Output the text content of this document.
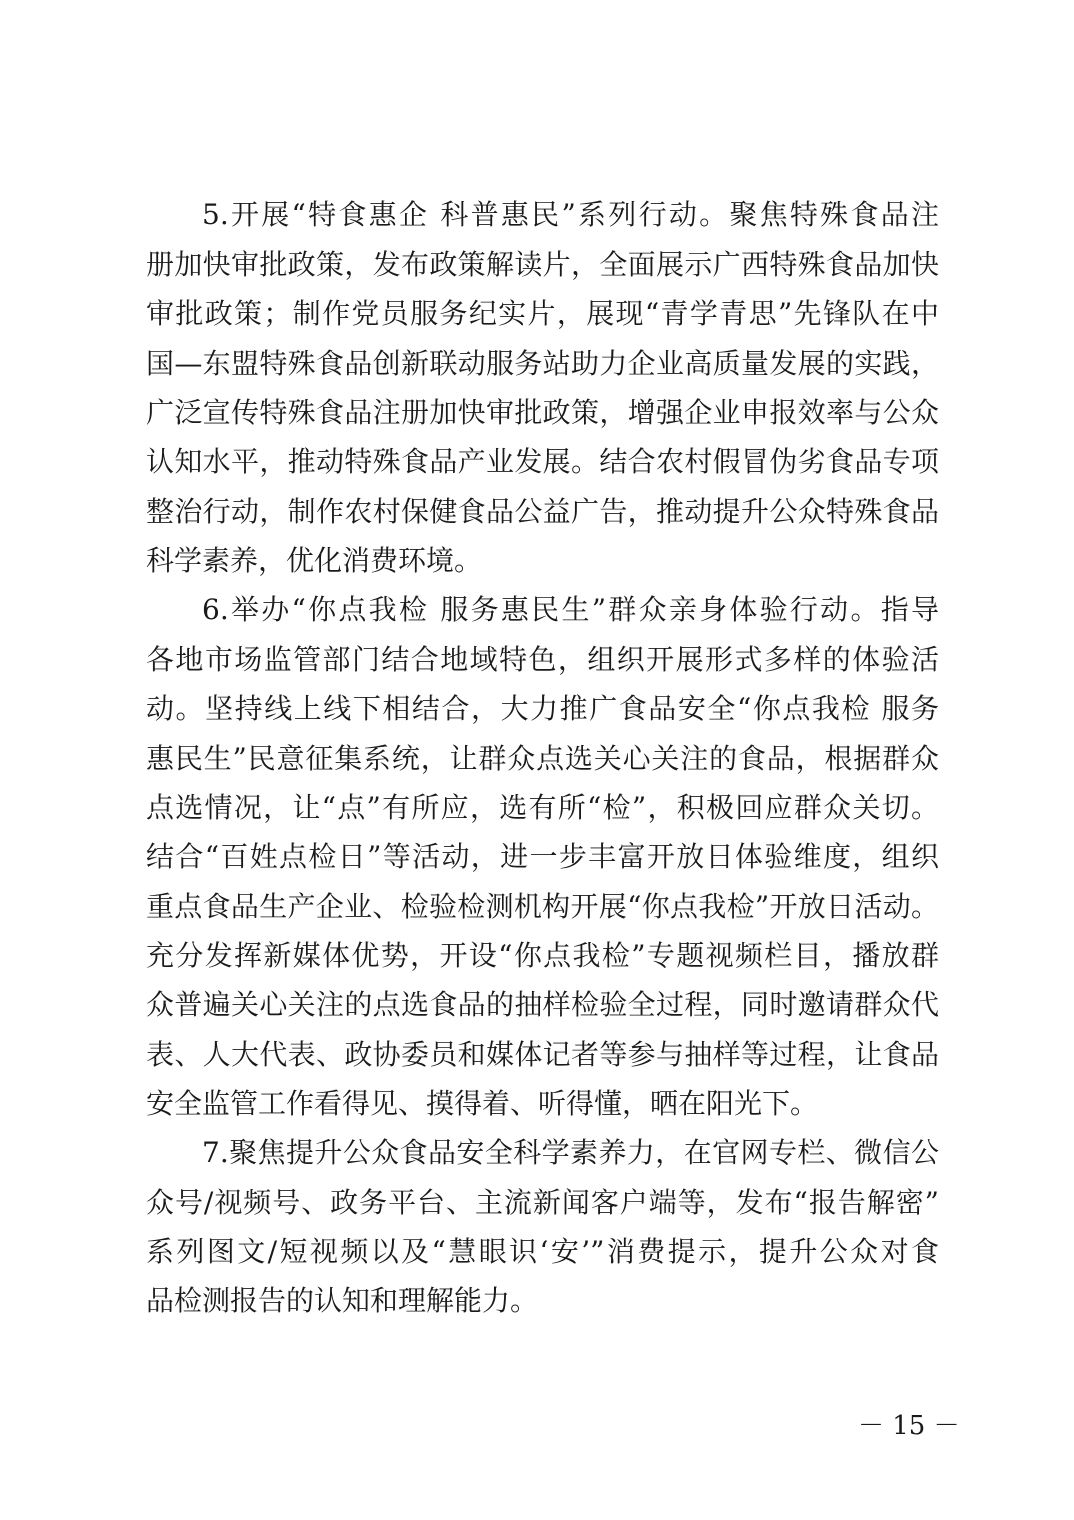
5.开展“特食惠企 科普惠民”系列行动。聚焦特殊食品注
册加快审批政策，发布政策解读片，全面展示广西特殊食品加快
审批政策；制作党员服务纪实片，展现“青学青思”先锋队在中
国—东盟特殊食品创新联动服务站助力企业高质量发展的实践，
广泛宣传特殊食品注册加快审批政策，增强企业申报效率与公众
认知水平，推动特殊食品产业发展。结合农村假冒伪劣食品专项
整治行动，制作农村保健食品公益广告，推动提升公众特殊食品
科学素养，优化消费环境。
6.举办“你点我检 服务惠民生”群众亲身体验行动。指导
各地市场监管部门结合地域特色，组织开展形式多样的体验活
动。坚持线上线下相结合，大力推广食品安全“你点我检 服务
惠民生”民意征集系统，让群众点选关心关注的食品，根据群众
点选情况，让“点”有所应，选有所“检”，积极回应群众关切。
结合“百姓点检日”等活动，进一步丰富开放日体验维度，组织
重点食品生产企业、检验检测机构开展“你点我检”开放日活动。
充分发挥新媒体优势，开设“你点我检”专题视频栏目，播放群
众普遍关心关注的点选食品的抽样检验全过程，同时邀请群众代
表、人大代表、政协委员和媒体记者等参与抽样等过程，让食品
安全监管工作看得见、摸得着、听得懂，晒在阳光下。
7.聚焦提升公众食品安全科学素养力，在官网专栏、微信公
众号/视频号、政务平台、主流新闻客户端等，发布“报告解密”
系列图文/短视频以及“慧眼识‘安’”消费提示，提升公众对食
品检测报告的认知和理解能力。
－ 15 －
